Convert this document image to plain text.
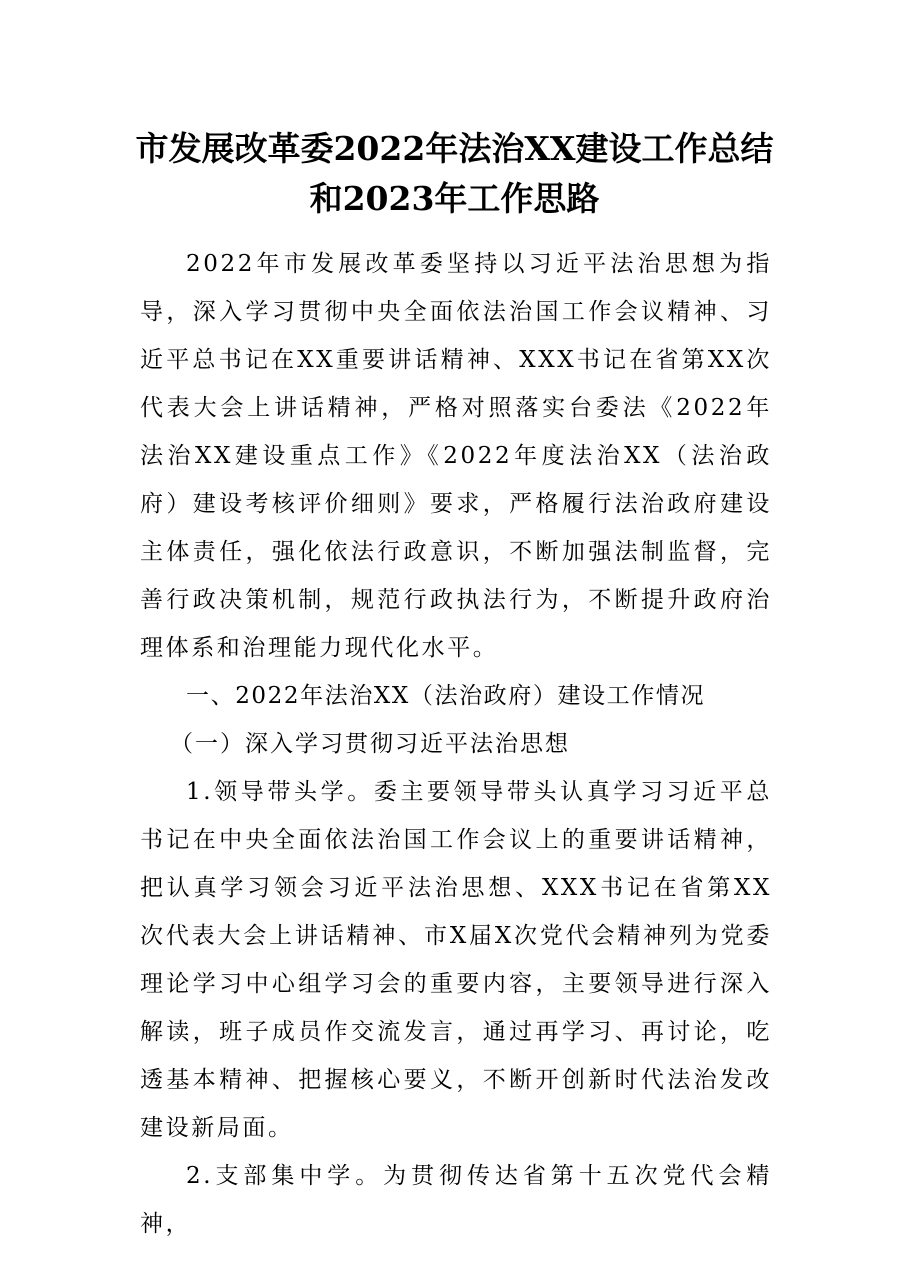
市发展改革委2022年法治XX建设工作总结
和2023年工作思路

2022年市发展改革委坚持以习近平法治思想为指导，深入学习贯彻中央全面依法治国工作会议精神、习近平总书记在XX重要讲话精神、XXX书记在省第XX次代表大会上讲话精神，严格对照落实台委法《2022年法治XX建设重点工作》《2022年度法治XX（法治政府）建设考核评价细则》要求，严格履行法治政府建设主体责任，强化依法行政意识，不断加强法制监督，完善行政决策机制，规范行政执法行为，不断提升政府治理体系和治理能力现代化水平。

一、2022年法治XX（法治政府）建设工作情况

（一）深入学习贯彻习近平法治思想

1.领导带头学。委主要领导带头认真学习习近平总书记在中央全面依法治国工作会议上的重要讲话精神，把认真学习领会习近平法治思想、XXX书记在省第XX次代表大会上讲话精神、市X届X次党代会精神列为党委理论学习中心组学习会的重要内容，主要领导进行深入解读，班子成员作交流发言，通过再学习、再讨论，吃透基本精神、把握核心要义，不断开创新时代法治发改建设新局面。

2.支部集中学。为贯彻传达省第十五次党代会精神，
